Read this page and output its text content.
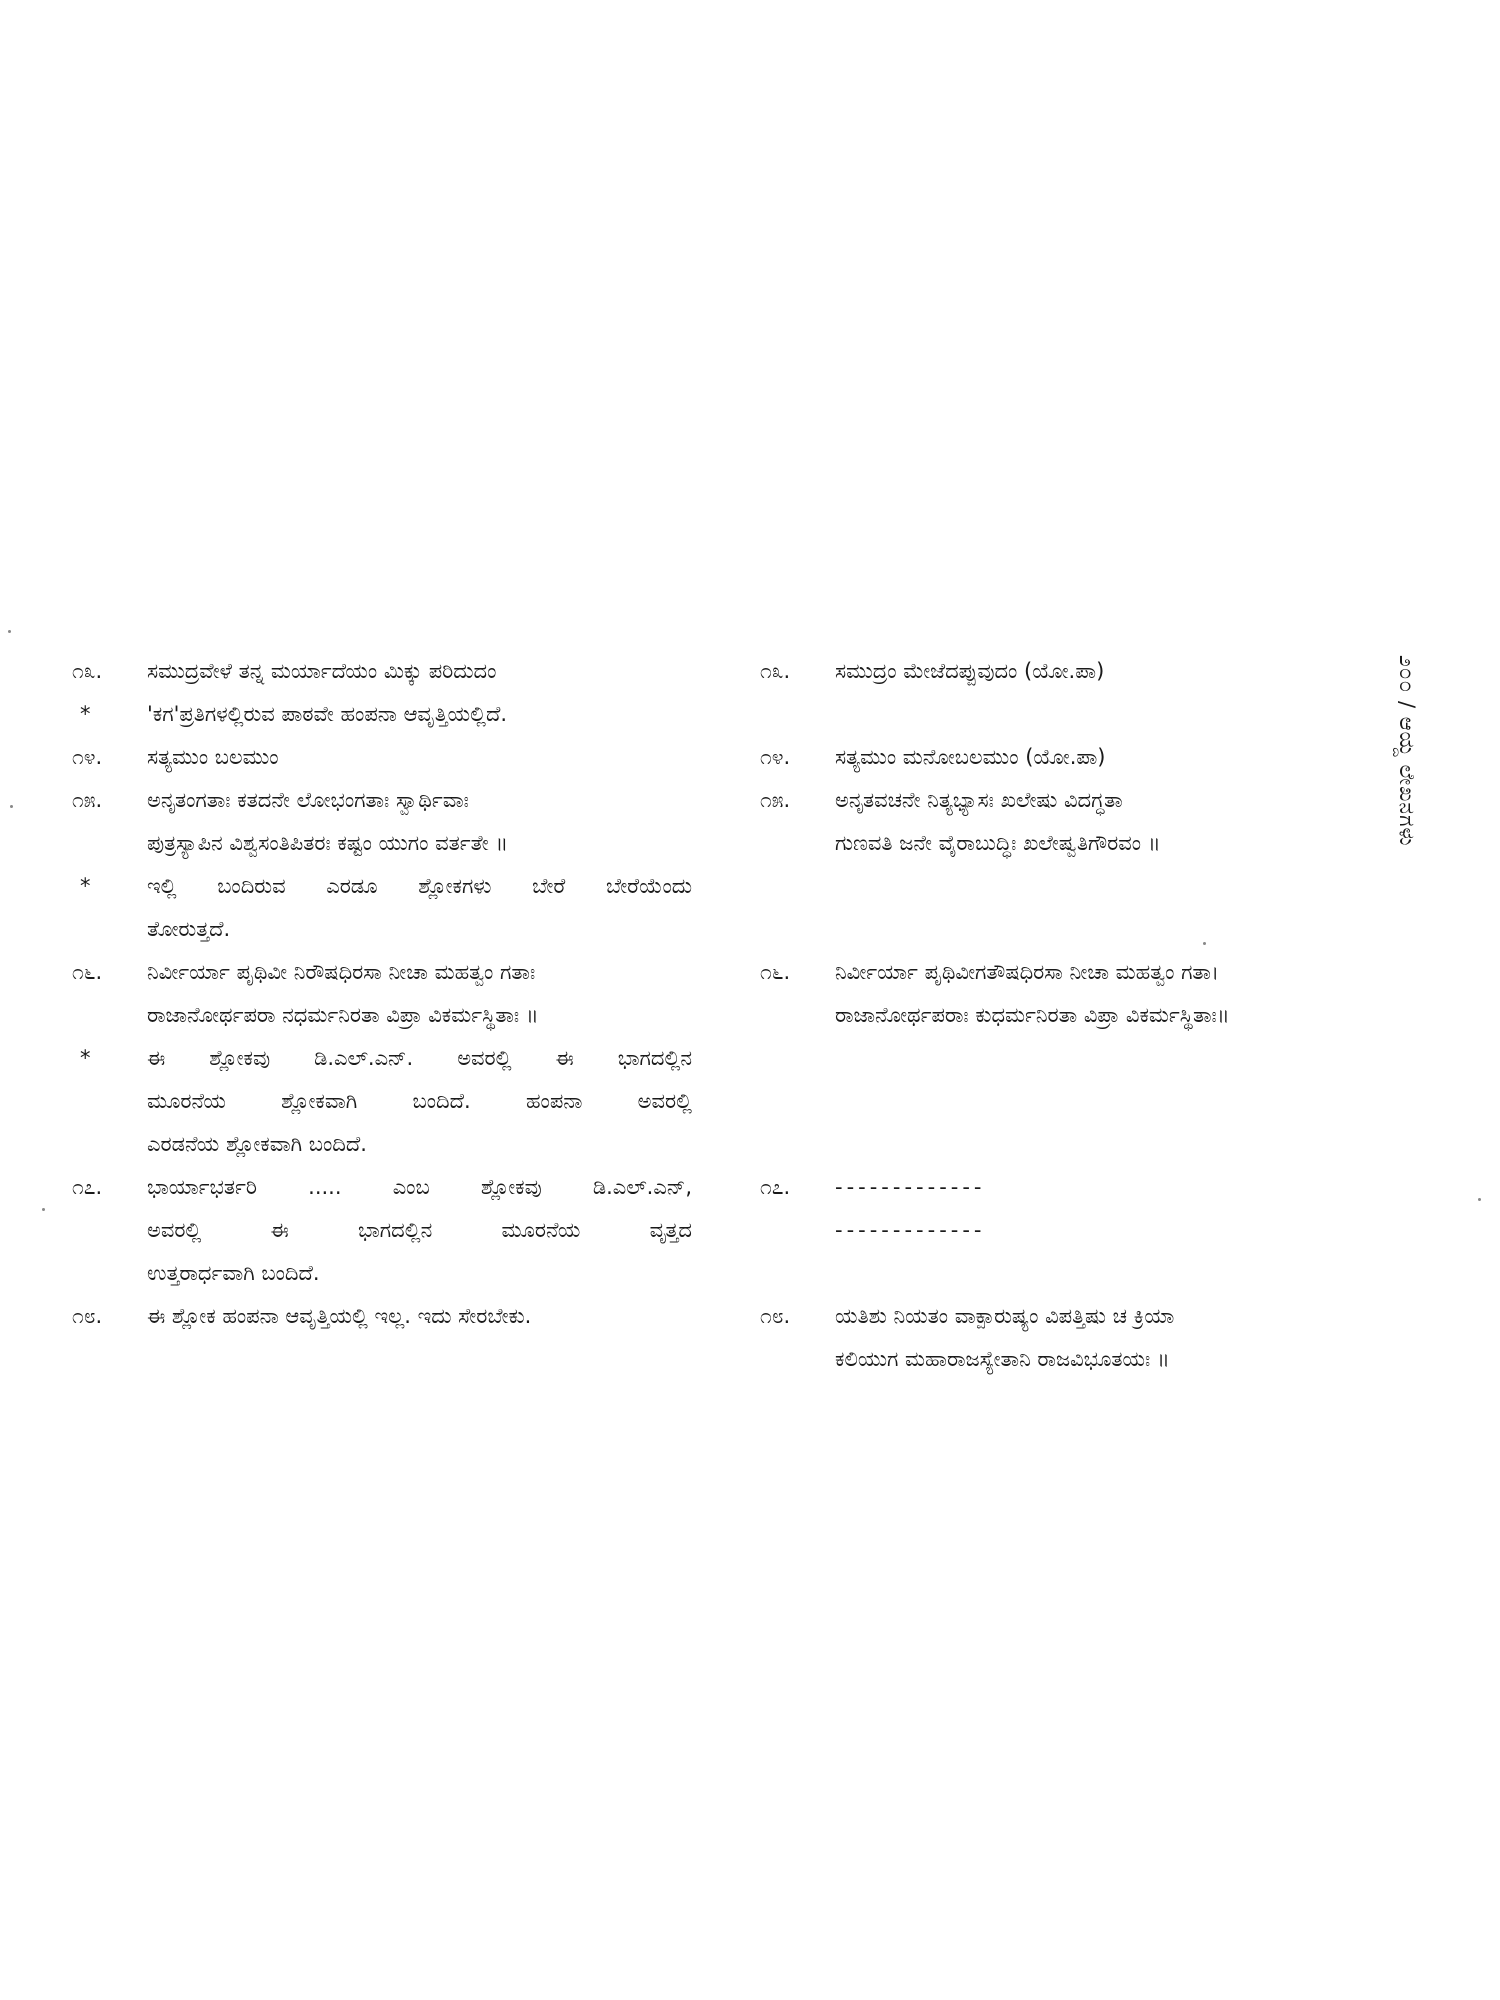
೨೦೦ / ಆಯ್ದ ಲೇಖನಗಳು
೧೩.	ಸಮುದ್ರವೇಳೆ ತನ್ನ ಮರ್ಯಾದೆಯಂ ಮಿಕ್ಕು ಪರಿದುದಂ
*	'ಕಗ'ಪ್ರತಿಗಳಲ್ಲಿರುವ ಪಾಠವೇ ಹಂಪನಾ ಆವೃತ್ತಿಯಲ್ಲಿದೆ.
೧೪.	ಸತ್ಯಮುಂ ಬಲಮುಂ
೧೫.	ಅನೃತಂಗತಾಃ ಕತದನೇ ಲೋಭಂಗತಾಃ ಸ್ವಾರ್ಥಿವಾಃ
ಪುತ್ರಸ್ಯಾಪಿನ ವಿಶ್ವಸಂತಿಪಿತರಃ ಕಷ್ಟಂ ಯುಗಂ ವರ್ತತೇ ॥
*	ಇಲ್ಲಿ ಬಂದಿರುವ ಎರಡೂ ಶ್ಲೋಕಗಳು ಬೇರೆ ಬೇರೆಯೆಂದು
ತೋರುತ್ತದೆ.
೧೬.	ನಿರ್ವೀರ್ಯಾ ಪೃಥಿವೀ ನಿರೌಷಧಿರಸಾ ನೀಚಾ ಮಹತ್ವಂ ಗತಾಃ
ರಾಜಾನೋರ್ಥಪರಾ ನಧರ್ಮನಿರತಾ ವಿಪ್ರಾ ವಿಕರ್ಮಸ್ಥಿತಾಃ ॥
*	ಈ ಶ್ಲೋಕವು ಡಿ.ಎಲ್.ಎನ್. ಅವರಲ್ಲಿ ಈ ಭಾಗದಲ್ಲಿನ
ಮೂರನೆಯ ಶ್ಲೋಕವಾಗಿ ಬಂದಿದೆ. ಹಂಪನಾ ಅವರಲ್ಲಿ
ಎರಡನೆಯ ಶ್ಲೋಕವಾಗಿ ಬಂದಿದೆ.
೧೭.	ಭಾರ್ಯಾಭರ್ತರಿ ..... ಎಂಬ ಶ್ಲೋಕವು ಡಿ.ಎಲ್.ಎನ್,
ಅವರಲ್ಲಿ ಈ ಭಾಗದಲ್ಲಿನ ಮೂರನೆಯ ವೃತ್ತದ
ಉತ್ತರಾರ್ಧವಾಗಿ ಬಂದಿದೆ.
೧೮.	ಈ ಶ್ಲೋಕ ಹಂಪನಾ ಆವೃತ್ತಿಯಲ್ಲಿ ಇಲ್ಲ. ಇದು ಸೇರಬೇಕು.
೧೩.	ಸಮುದ್ರಂ ಮೇಜೆದಪ್ಪುವುದಂ (ಯೋ.ಪಾ)
೧೪.	ಸತ್ಯಮುಂ ಮನೋಬಲಮುಂ (ಯೋ.ಪಾ)
೧೫.	ಅನೃತವಚನೇ ನಿತ್ಯಭ್ಯಾಸಃ ಖಲೇಷು ವಿದಗ್ಧತಾ
ಗುಣವತಿ ಜನೇ ವೈರಾಬುದ್ಧಿಃ ಖಲೇಷ್ವತಿಗೌರವಂ ॥
೧೬.	ನಿರ್ವೀರ್ಯಾ ಪೃಥಿವೀಗತೌಷಧಿರಸಾ ನೀಚಾ ಮಹತ್ವಂ ಗತಾ।
ರಾಜಾನೋರ್ಥಪರಾಃ ಕುಧರ್ಮನಿರತಾ ವಿಪ್ರಾ ವಿಕರ್ಮಸ್ಥಿತಾಃ॥
೧೭.	-------------
-------------
೧೮.	ಯತಿಶು ನಿಯತಂ ವಾಕ್ಪಾರುಷ್ಯಂ ವಿಪತ್ತಿಷು ಚ ಕ್ರಿಯಾ
ಕಲಿಯುಗ ಮಹಾರಾಜಸ್ಯೇತಾನಿ ರಾಜವಿಭೂತಯಃ ॥
